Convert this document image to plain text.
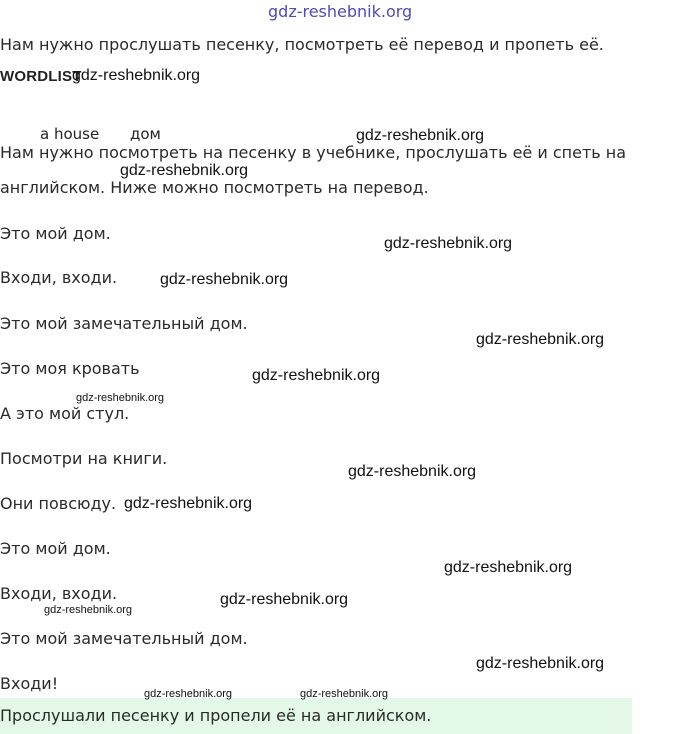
gdz-reshebnik.org
Нам нужно прослушать песенку, посмотреть её перевод и пропеть её.
WORDLIST
a house дом
Нам нужно посмотреть на песенку в учебнике, прослушать её и спеть на
английском. Ниже можно посмотреть на перевод.
Это мой дом.
Входи, входи.
Это мой замечательный дом.
Это моя кровать
А это мой стул.
Посмотри на книги.
Они повсюду.
Это мой дом.
Входи, входи.
Это мой замечательный дом.
Входи!
Прослушали песенку и пропели её на английском.
gdz-reshebnik.org
gdz-reshebnik.org
gdz-reshebnik.org
gdz-reshebnik.org
gdz-reshebnik.org
gdz-reshebnik.org
gdz-reshebnik.org
gdz-reshebnik.org
gdz-reshebnik.org
gdz-reshebnik.org
gdz-reshebnik.org
gdz-reshebnik.org
gdz-reshebnik.org
gdz-reshebnik.org
gdz-reshebnik.org	gdz-reshebnik.org
